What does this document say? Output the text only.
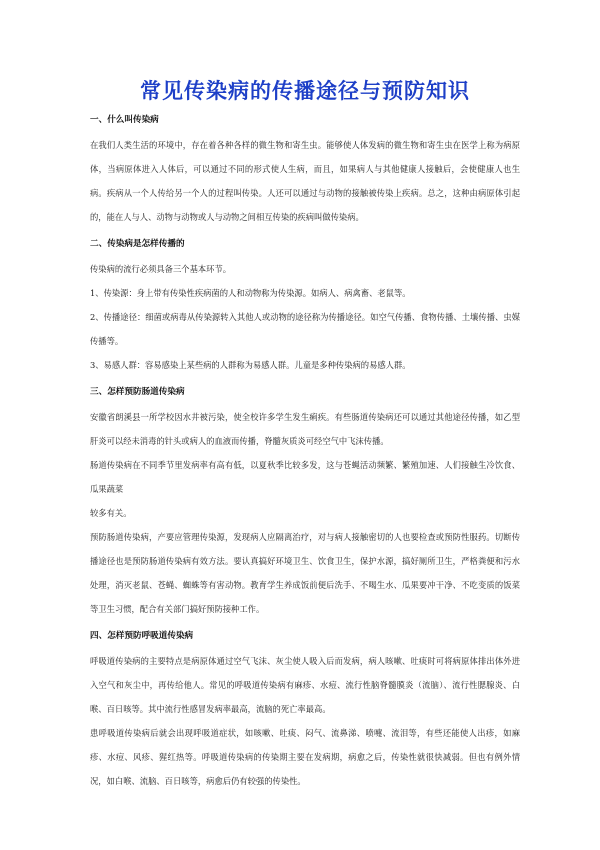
常见传染病的传播途径与预防知识
一、什么叫传染病

在我们人类生活的环境中，存在着各种各样的微生物和寄生虫。能够使人体发病的微生物和寄生虫在医学上称为病原体，当病原体进入人体后，可以通过不同的形式使人生病，而且，如果病人与其他健康人接触后，会使健康人也生病。疾病从一个人传给另一个人的过程叫传染。人还可以通过与动物的接触被传染上疾病。总之，这种由病原体引起的，能在人与人、动物与动物或人与动物之间相互传染的疾病叫做传染病。

二、传染病是怎样传播的

传染病的流行必须具备三个基本环节。

1、传染源：身上带有传染性疾病菌的人和动物称为传染源。如病人、病禽畜、老鼠等。

2、传播途径：细菌或病毒从传染源转入其他人或动物的途径称为传播途径。如空气传播、食物传播、土壤传播、虫媒传播等。

3、易感人群：容易感染上某些病的人群称为易感人群。儿童是多种传染病的易感人群。

三、怎样预防肠道传染病

安徽省朗溪县一所学校因水井被污染，使全校许多学生发生痢疾。有些肠道传染病还可以通过其他途径传播，如乙型肝炎可以经未消毒的针头或病人的血液而传播，脊髓灰质炎可经空气中飞沫传播。

肠道传染病在不同季节里发病率有高有低，以夏秋季比较多发，这与苍蝇活动频繁、繁殖加速、人们接触生冷饮食、瓜果蔬菜

较多有关。

预防肠道传染病，产要应管理传染源，发现病人应隔离治疗，对与病人接触密切的人也要检查或预防性服药。切断传播途径也是预防肠道传染病有效方法。要认真搞好环境卫生、饮食卫生，保护水源，搞好厕所卫生，严格粪便和污水处理，消灭老鼠、苍蝇、蜘蛛等有害动物。教育学生养成饭前便后洗手、不喝生水、瓜果要冲干净、不吃变质的饭菜等卫生习惯，配合有关部门搞好预防接种工作。

四、怎样预防呼吸道传染病

呼吸道传染病的主要特点是病原体通过空气飞沫、灰尘使人吸入后而发病，病人咳嗽、吐痰时可将病原体排出体外进入空气和灰尘中，再传给他人。常见的呼吸道传染病有麻疹、水痘、流行性脑脊髓膜炎（流脑）、流行性腮腺炎、白喉、百日咳等。其中流行性感冒发病率最高，流脑的死亡率最高。

患呼吸道传染病后就会出现呼吸道症状，如咳嗽、吐痰、闷气、流鼻涕、喷嚏、流泪等，有些还能使人出疹，如麻疹、水痘、风疹、猩红热等。呼吸道传染病的传染期主要在发病期，病愈之后，传染性就很快减弱。但也有例外情况，如白喉、流脑、百日咳等，病愈后仍有较强的传染性。
